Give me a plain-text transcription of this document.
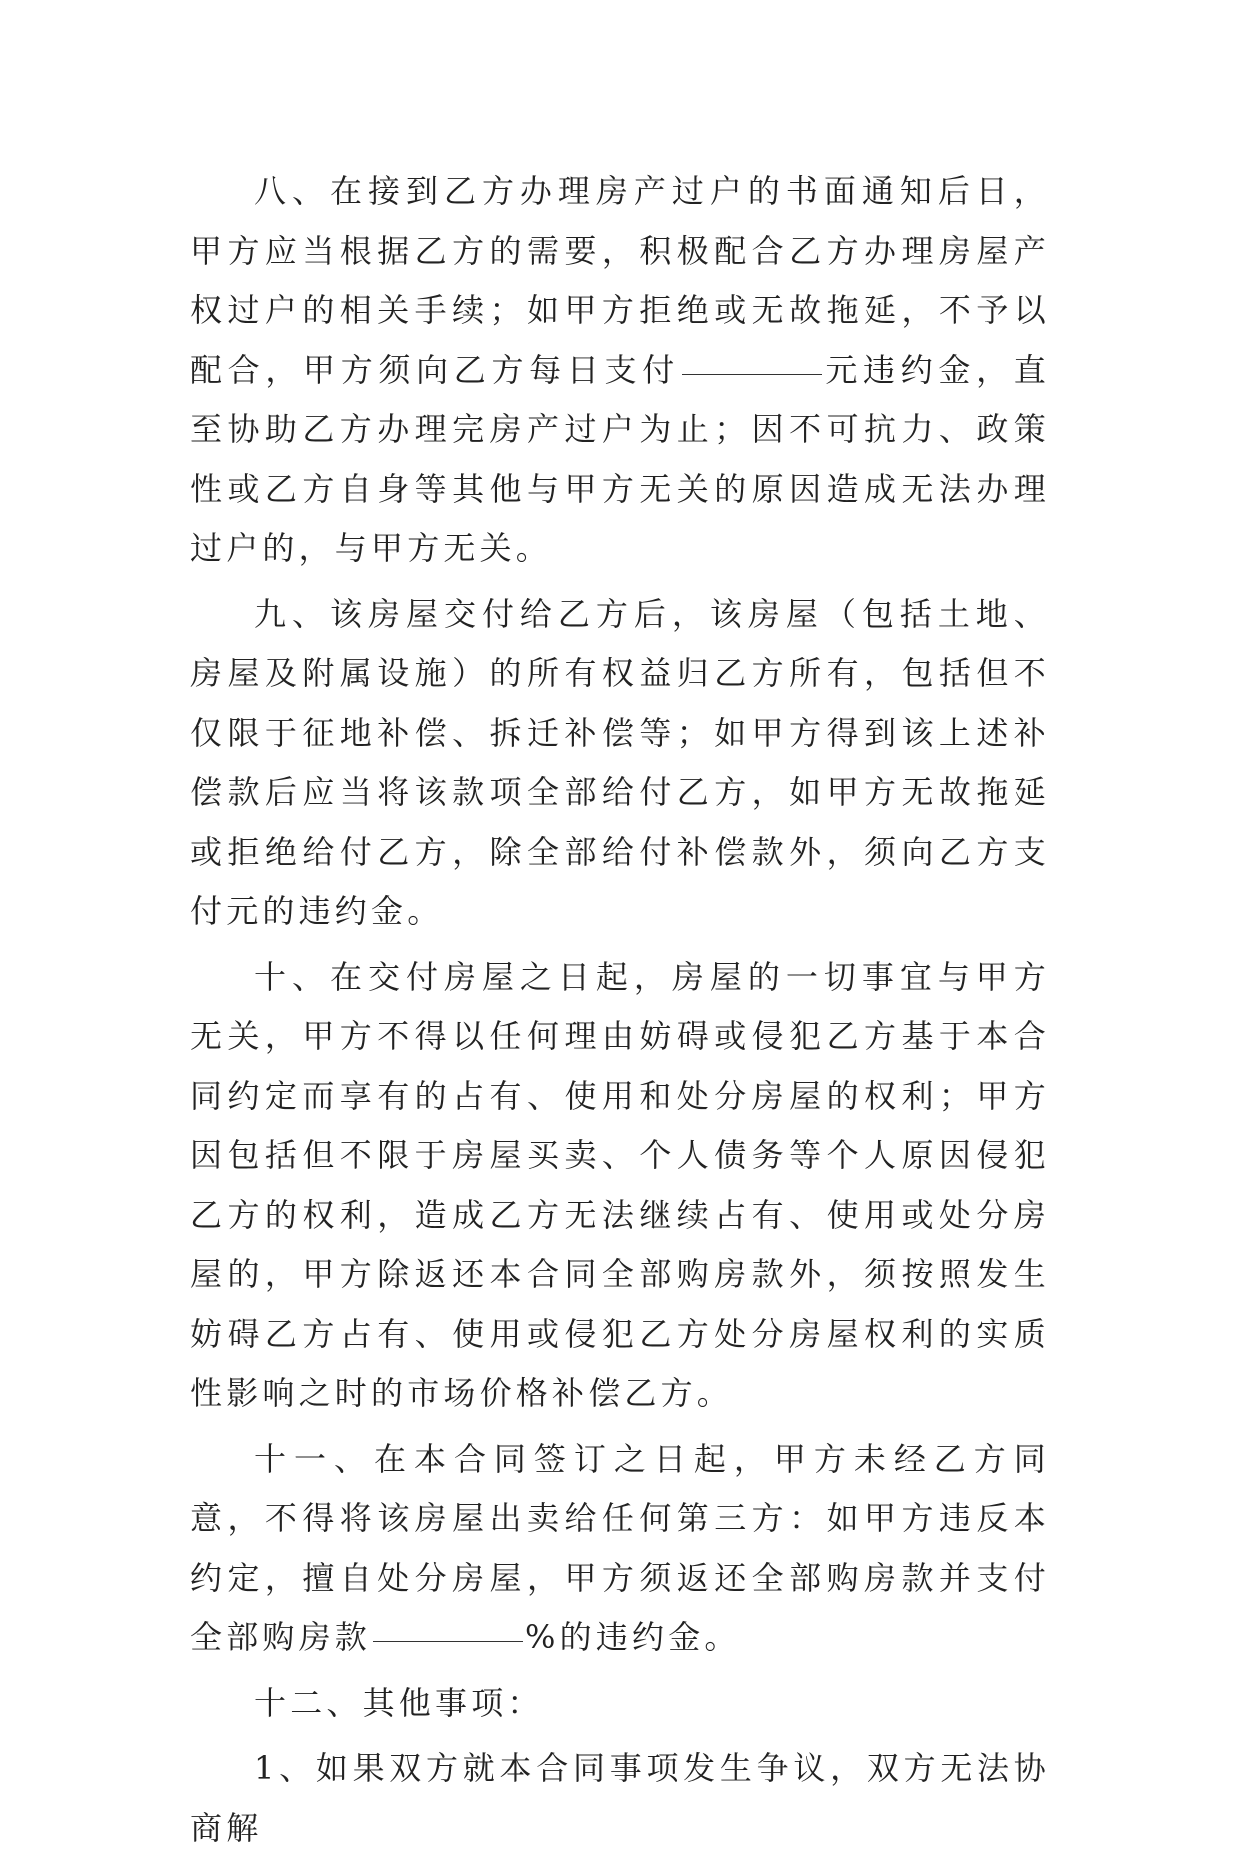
八、在接到乙方办理房产过户的书面通知后日，甲方应当根据乙方的需要，积极配合乙方办理房屋产权过户的相关手续；如甲方拒绝或无故拖延，不予以配合，甲方须向乙方每日支付	元违约金，直至协助乙方办理完房产过户为止；因不可抗力、政策性或乙方自身等其他与甲方无关的原因造成无法办理过户的，与甲方无关。

九、该房屋交付给乙方后，该房屋（包括土地、房屋及附属设施）的所有权益归乙方所有，包括但不仅限于征地补偿、拆迁补偿等；如甲方得到该上述补偿款后应当将该款项全部给付乙方，如甲方无故拖延或拒绝给付乙方，除全部给付补偿款外，须向乙方支付元的违约金。

十、在交付房屋之日起，房屋的一切事宜与甲方无关，甲方不得以任何理由妨碍或侵犯乙方基于本合同约定而享有的占有、使用和处分房屋的权利；甲方因包括但不限于房屋买卖、个人债务等个人原因侵犯乙方的权利，造成乙方无法继续占有、使用或处分房屋的，甲方除返还本合同全部购房款外，须按照发生妨碍乙方占有、使用或侵犯乙方处分房屋权利的实质性影响之时的市场价格补偿乙方。

十一、在本合同签订之日起，甲方未经乙方同意，不得将该房屋出卖给任何第三方：如甲方违反本约定，擅自处分房屋，甲方须返还全部购房款并支付全部购房款	%的违约金。

十二、其他事项：

1、如果双方就本合同事项发生争议，双方无法协商解
